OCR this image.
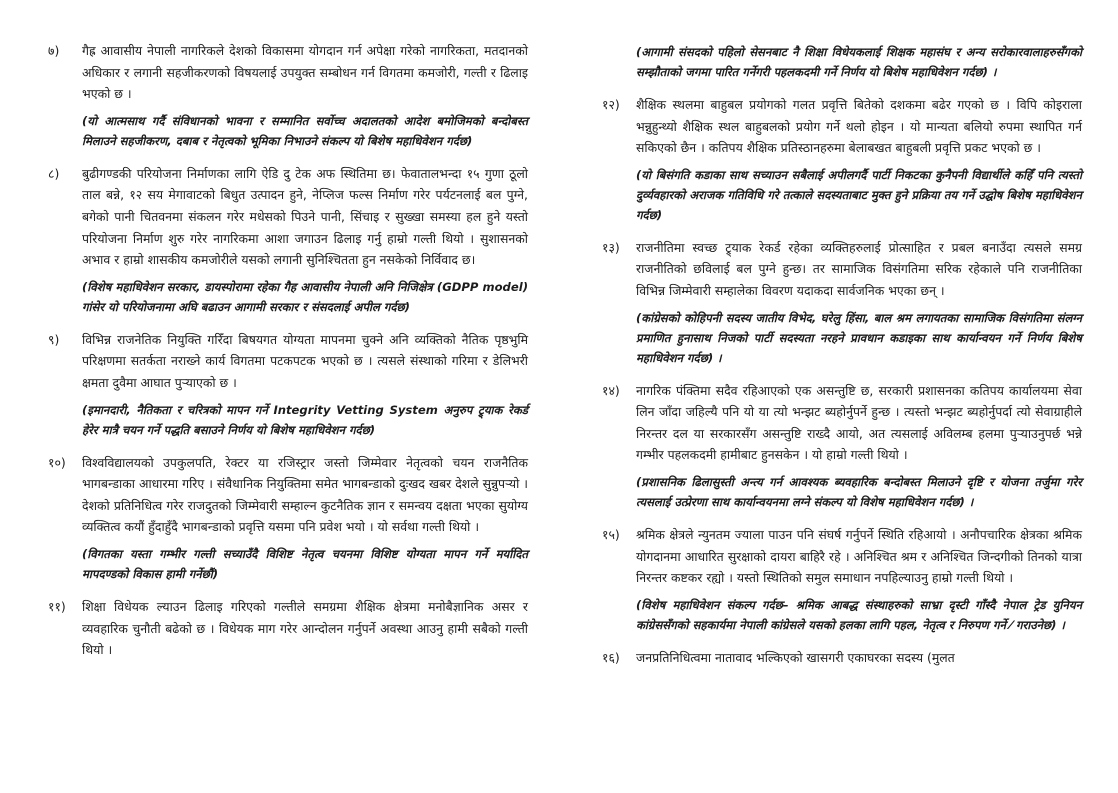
७)	गैह्र आवासीय नेपाली नागरिकले देशको विकासमा योगदान गर्न अपेक्षा गरेको नागरिकता, मतदानको अधिकार र लगानी सहजीकरणको विषयलाई उपयुक्त सम्बोधन गर्न विगतमा कमजोरी, गल्ती र ढिलाइ भएको छ ।

(यो आत्मसाथ गर्दै संविधानको भावना र सम्मानित सर्वोच्च अदालतको आदेश बमोजिमको बन्दोबस्त मिलाउने सहजीकरण, दबाब र नेतृत्वको भूमिका निभाउने संकल्प यो बिशेष महाधिवेशन गर्दछ)

८)	बुढीगण्डकी परियोजना निर्माणका लागि ऐडि दु टेक अफ स्थितिमा छ। फेवातालभन्दा १५ गुणा ठूलो ताल बन्ने, १२ सय मेगावाटको बिधुत उत्पादन हुने, नेप्लिज फल्स निर्माण गरेर पर्यटनलाई बल पुग्ने, बगेको पानी चितवनमा संकलन गरेर मधेसको पिउने पानी, सिंचाइ र सुख्खा समस्या हल हुने यस्तो परियोजना निर्माण शुरु गरेर नागरिकमा आशा जगाउन ढिलाइ गर्नु हाम्रो गल्ती थियो । सुशासनको अभाव र हाम्रो शासकीय कमजोरीले यसको लगानी सुनिश्चितता हुन नसकेको निर्विवाद छ।

(विशेष महाधिवेशन सरकार, डायस्पोरामा रहेका गैह आवासीय नेपाली अनि निजिक्षेत्र (GDPP model) गांसेर यो परियोजनामा अघि बढाउन आगामी सरकार र संसदलाई अपील गर्दछ)

९)	विभिन्न राजनेतिक नियुक्ति गरिँदा बिषयगत योग्यता मापनमा चुक्ने अनि व्यक्तिको नैतिक पृष्ठभुमि परिक्षणमा सतर्कता नराख्ने कार्य विगतमा पटकपटक भएको छ । त्यसले संस्थाको गरिमा र डेलिभरी क्षमता दुवैमा आघात पुऱ्याएको छ ।

(इमानदारी, नैतिकता र चरित्रको मापन गर्ने Integrity Vetting System अनुरुप ट्र्याक रेकर्ड हेरेर मात्रै चयन गर्ने पद्धति बसाउने निर्णय यो बिशेष महाधिवेशन गर्दछ)

१०)	विश्वविद्यालयको उपकुलपति, रेक्टर या रजिस्ट्रार जस्तो जिम्मेवार नेतृत्वको चयन राजनैतिक भागबन्डाका आधारमा गरिए । संवैधानिक नियुक्तिमा समेत भागबन्डाको दुःखद खबर देशले सुन्नुपऱ्यो । देशको प्रतिनिधित्व गरेर राजदुतको जिम्मेवारी सम्हाल्न कुटनैतिक ज्ञान र समन्वय दक्षता भएका सुयोग्य व्यक्तित्व कयौं हुँदाहुँदै भागबन्डाको प्रवृत्ति यसमा पनि प्रवेश भयो । यो सर्वथा गल्ती थियो ।

(विगतका यस्ता गम्भीर गल्ती सच्याउँदै विशिष्ट नेतृत्व चयनमा विशिष्ट योग्यता मापन गर्ने मर्यादित मापदण्डको विकास हामी गर्नेछौं)

११)	शिक्षा विधेयक ल्याउन ढिलाइ गरिएको गल्तीले समग्रमा शैक्षिक क्षेत्रमा मनोबैज्ञानिक असर र व्यवहारिक चुनौती बढेको छ । विधेयक माग गरेर आन्दोलन गर्नुपर्ने अवस्था आउनु हामी सबैको गल्ती थियो ।

(आगामी संसदको पहिलो सेसनबाट नै शिक्षा विधेयकलाई शिक्षक महासंघ र अन्य सरोकारवालाहरुसँगको सम्झौताको जगमा पारित गर्नेगरी पहलकदमी गर्ने निर्णय यो बिशेष महाधिवेशन गर्दछ) ।

१२)	शैक्षिक स्थलमा बाहुबल प्रयोगको गलत प्रवृत्ति बितेको दशकमा बढेर गएको छ । विपि कोइराला भन्नुहुन्थ्यो शैक्षिक स्थल बाहुबलको प्रयोग गर्ने थलो होइन । यो मान्यता बलियो रुपमा स्थापित गर्न सकिएको छैन । कतिपय शैक्षिक प्रतिस्ठानहरुमा बेलाबखत बाहुबली प्रवृत्ति प्रकट भएको छ ।

(यो बिसंगति कडाका साथ सच्याउन सबैलाई अपीलगर्दै पार्टी निकटका कुनैपनी विद्यार्थीले कहिँ पनि त्यस्तो दुर्व्यवहारको अराजक गतिविधि गरे तत्काले सदस्यताबाट मुक्त हुने प्रक्रिया तय गर्ने उद्घोष बिशेष महाधिवेशन गर्दछ)

१३)	राजनीतिमा स्वच्छ ट्र्याक रेकर्ड रहेका व्यक्तिहरुलाई प्रोत्साहित र प्रबल बनाउँदा त्यसले समग्र राजनीतिको छविलाई बल पुग्ने हुन्छ। तर सामाजिक विसंगतिमा सरिक रहेकाले पनि राजनीतिका विभिन्न जिम्मेवारी सम्हालेका विवरण यदाकदा सार्वजनिक भएका छन् ।

(कांग्रेसको कोहिपनी सदस्य जातीय विभेद, घरेलु हिंसा, बाल श्रम लगायतका सामाजिक विसंगतिमा संलग्न प्रमाणित हुनासाथ निजको पार्टी सदस्यता नरहने प्रावधान कडाइका साथ कार्यान्वयन गर्ने निर्णय बिशेष महाधिवेशन गर्दछ) ।

१४)	नागरिक पंक्तिमा सदैव रहिआएको एक असन्तुष्टि छ, सरकारी प्रशासनका कतिपय कार्यालयमा सेवा लिन जाँदा जहिल्यै पनि यो या त्यो भन्झट ब्यहोर्नुपर्ने हुन्छ । त्यस्तो भन्झट ब्यहोर्नुपर्दा त्यो सेवाग्राहीले निरन्तर दल या सरकारसँग असन्तुष्टि राख्दै आयो, अत त्यसलाई अविलम्ब हलमा पुऱ्याउनुपर्छ भन्ने गम्भीर पहलकदमी हामीबाट हुनसकेन । यो हाम्रो गल्ती थियो ।

(प्रशासनिक ढिलासुस्ती अन्त्य गर्न आवश्यक ब्यवहारिक बन्दोबस्त मिलाउने दृष्टि र योजना तर्जुमा गरेर त्यसलाई उत्प्रेरणा साथ कार्यान्वयनमा लग्ने संकल्प यो विशेष महाधिवेशन गर्दछ) ।

१५)	श्रमिक क्षेत्रले न्युनतम ज्याला पाउन पनि संघर्ष गर्नुपर्ने स्थिति रहिआयो । अनौपचारिक क्षेत्रका श्रमिक योगदानमा आधारित सुरक्षाको दायरा बाहिरै रहे । अनिश्चित श्रम र अनिश्चित जिन्दगीको तिनको यात्रा निरन्तर कष्टकर रह्यो । यस्तो स्थितिको समुल समाधान नपहिल्याउनु हाम्रो गल्ती थियो ।

(विशेष महाधिवेशन संकल्प गर्दछ– श्रमिक आबद्ध संस्थाहरुको साभ्रा दृस्टी गाँस्दै नेपाल ट्रेड युनियन कांग्रेससँगको सहकार्यमा नेपाली कांग्रेसले यसको हलका लागि पहल, नेतृत्व र निरुपण गर्ने ⁄ गराउनेछ) ।

१६)	जनप्रतिनिधित्वमा नातावाद भल्किएको खासगरी एकाघरका सदस्य (मुलत
